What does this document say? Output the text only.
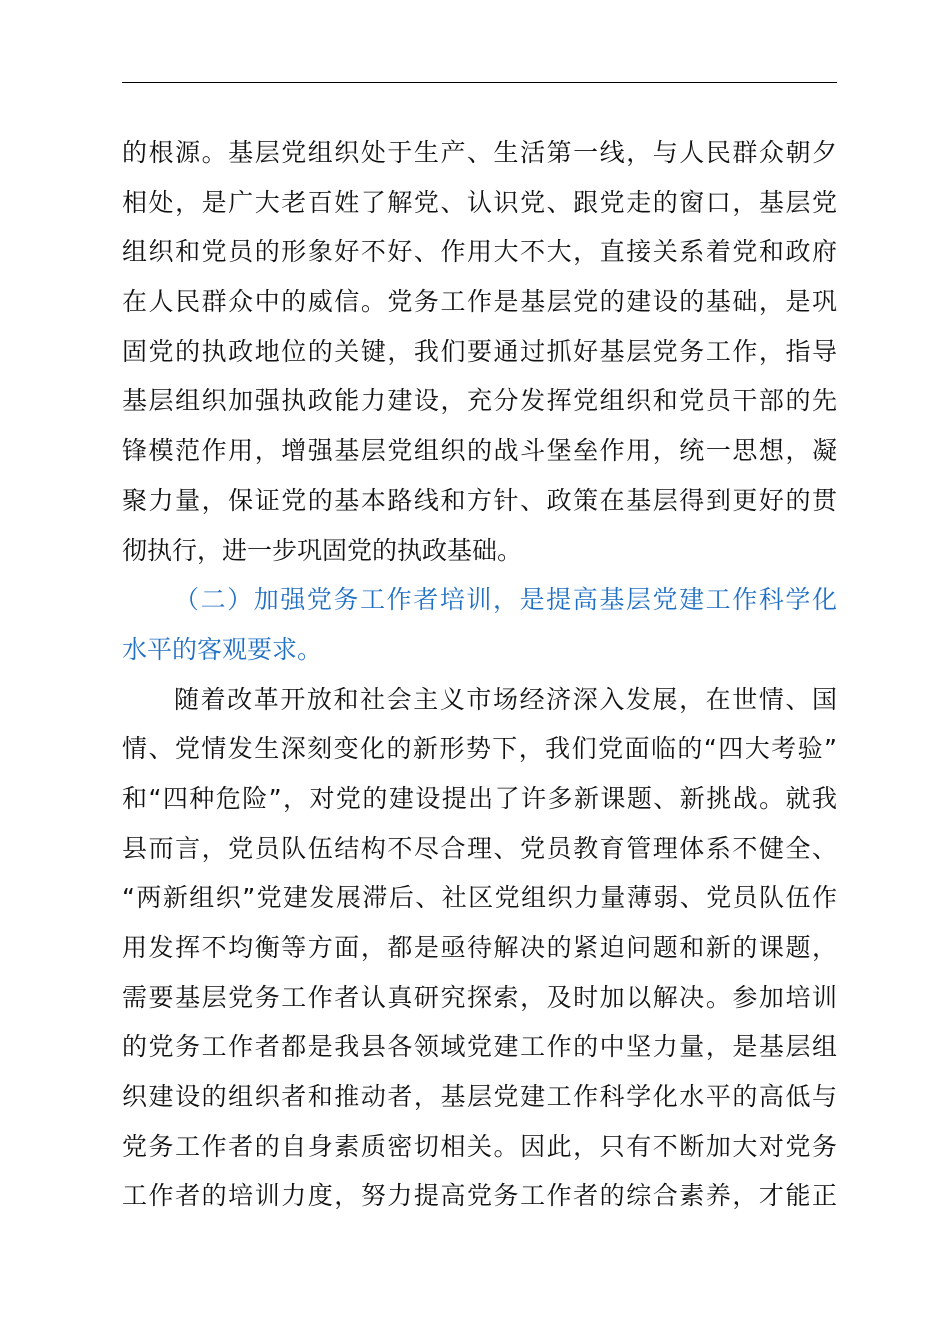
的根源。基层党组织处于生产、生活第一线，与人民群众朝夕
相处，是广大老百姓了解党、认识党、跟党走的窗口，基层党
组织和党员的形象好不好、作用大不大，直接关系着党和政府
在人民群众中的威信。党务工作是基层党的建设的基础，是巩
固党的执政地位的关键，我们要通过抓好基层党务工作，指导
基层组织加强执政能力建设，充分发挥党组织和党员干部的先
锋模范作用，增强基层党组织的战斗堡垒作用，统一思想，凝
聚力量，保证党的基本路线和方针、政策在基层得到更好的贯
彻执行，进一步巩固党的执政基础。
（二）加强党务工作者培训，是提高基层党建工作科学化
水平的客观要求。
随着改革开放和社会主义市场经济深入发展，在世情、国
情、党情发生深刻变化的新形势下，我们党面临的“四大考验”
和“四种危险”，对党的建设提出了许多新课题、新挑战。就我
县而言，党员队伍结构不尽合理、党员教育管理体系不健全、
“两新组织”党建发展滞后、社区党组织力量薄弱、党员队伍作
用发挥不均衡等方面，都是亟待解决的紧迫问题和新的课题，
需要基层党务工作者认真研究探索，及时加以解决。参加培训
的党务工作者都是我县各领域党建工作的中坚力量，是基层组
织建设的组织者和推动者，基层党建工作科学化水平的高低与
党务工作者的自身素质密切相关。因此，只有不断加大对党务
工作者的培训力度，努力提高党务工作者的综合素养，才能正
